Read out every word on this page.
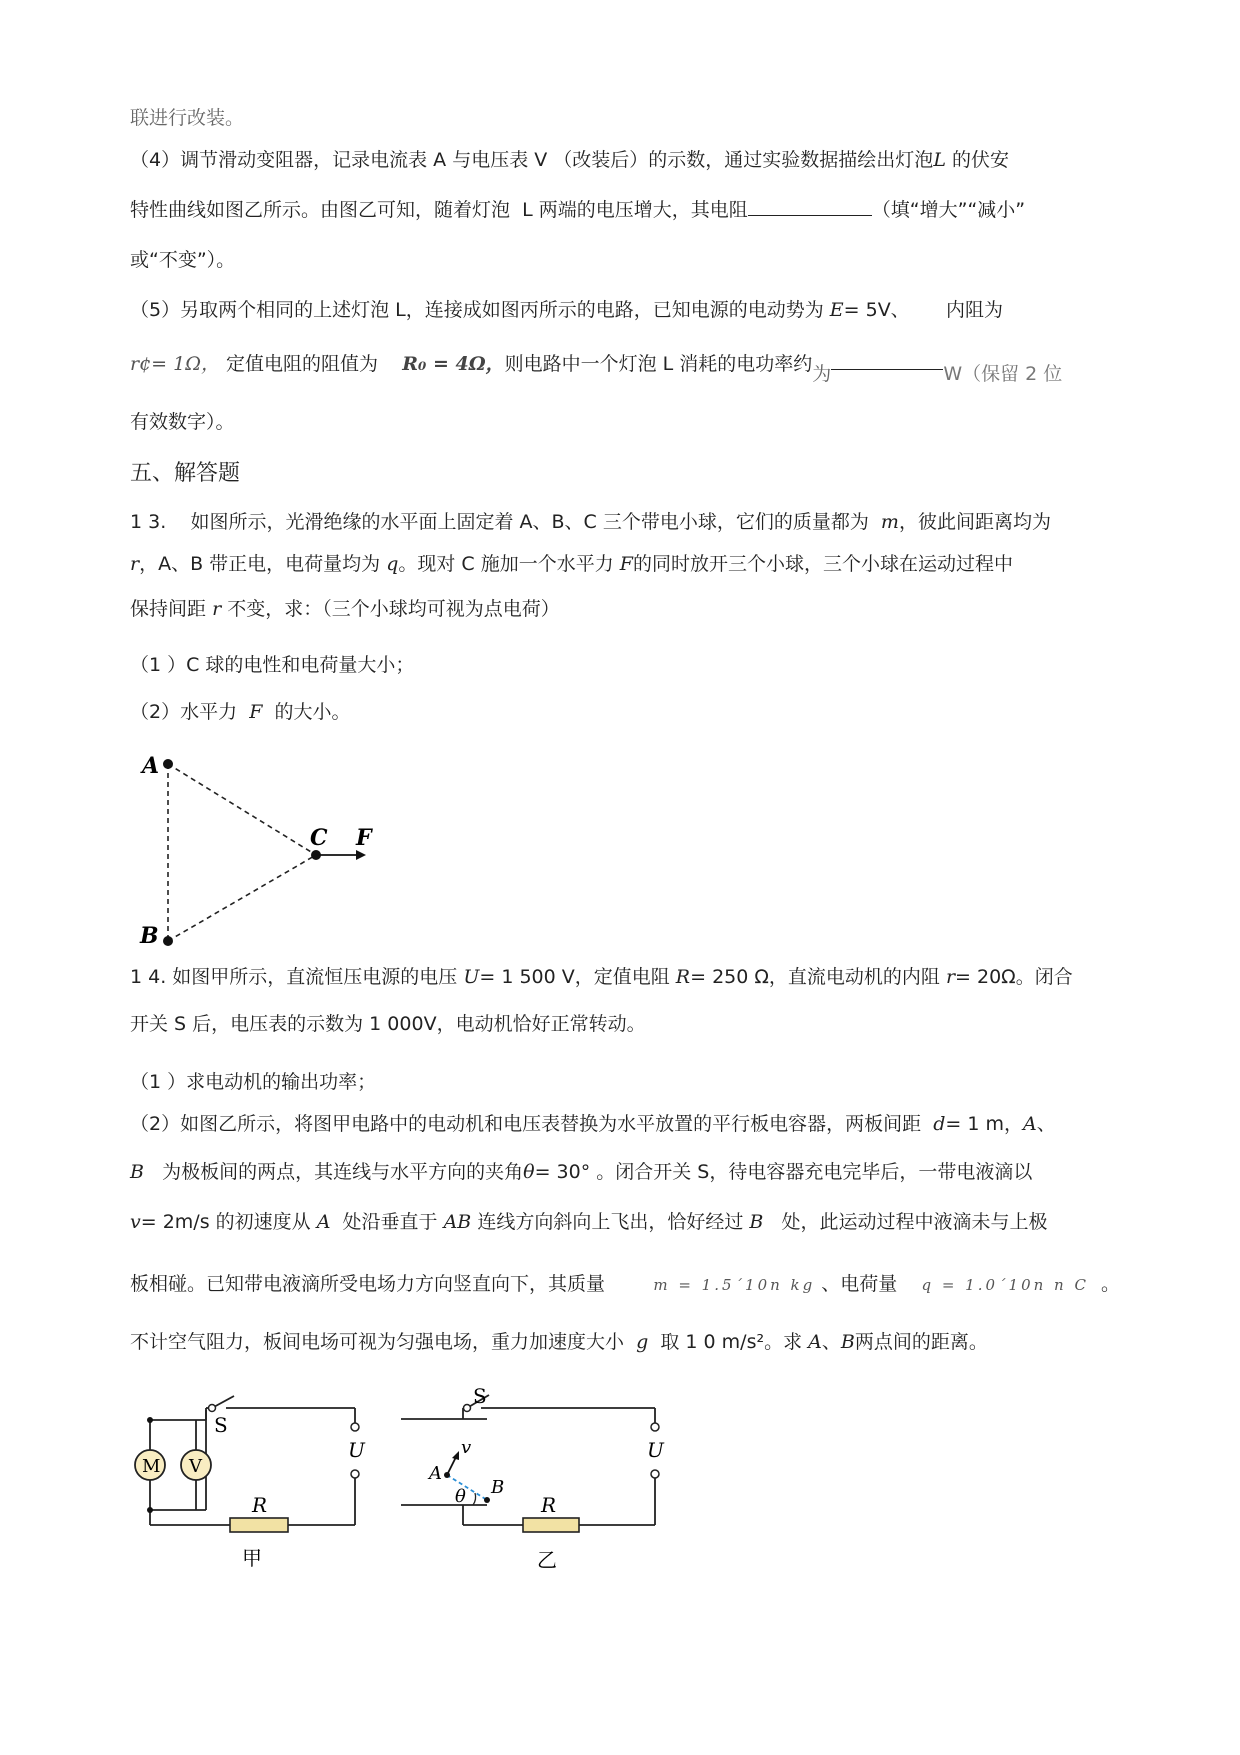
联进行改装。
（4）调节滑动变阻器，记录电流表 A 与电压表 V （改装后）的示数，通过实验数据描绘出灯泡L 的伏安
特性曲线如图乙所示。由图乙可知，随着灯泡 L 两端的电压增大，其电阻	（填“增大”“减小”
或“不变”）。
（5）另取两个相同的上述灯泡 L，连接成如图丙所示的电路，已知电源的电动势为 E= 5V、 内阻为
r¢= 1Ω， 定值电阻的阻值为 R₀ = 4Ω，则电路中一个灯泡 L 消耗的电功率约为	W（保留 2 位
有效数字）。
五、解答题
1 3. 如图所示，光滑绝缘的水平面上固定着 A、B、C 三个带电小球，它们的质量都为 m，彼此间距离均为
r，A、B 带正电，电荷量均为 q。现对 C 施加一个水平力 F的同时放开三个小球，三个小球在运动过程中
保持间距 r 不变，求：（三个小球均可视为点电荷）
（1 ）C 球的电性和电荷量大小；
（2）水平力 F 的大小。
A
B
C F
1 4. 如图甲所示，直流恒压电源的电压 U= 1 500 V，定值电阻 R= 250 Ω，直流电动机的内阻 r= 20Ω。闭合
开关 S 后，电压表的示数为 1 000V，电动机恰好正常转动。
（1 ）求电动机的输出功率；
（2）如图乙所示，将图甲电路中的电动机和电压表替换为水平放置的平行板电容器，两板间距 d= 1 m，A、
B 为极板间的两点，其连线与水平方向的夹角θ= 30° 。闭合开关 S，待电容器充电完毕后，一带电液滴以
v= 2m/s 的初速度从 A 处沿垂直于 AB 连线方向斜向上飞出，恰好经过 B 处，此运动过程中液滴未与上极
板相碰。已知带电液滴所受电场力方向竖直向下，其质量	m = 1.5´10n kg 、电荷量 q = 1.0´10n n C 。
不计空气阻力，板间电场可视为匀强电场，重力加速度大小 g 取 1 0 m/s²。求 A、B两点间的距离。
S
M V
U
R
甲
S
v
A
B
θ
U
R
乙
